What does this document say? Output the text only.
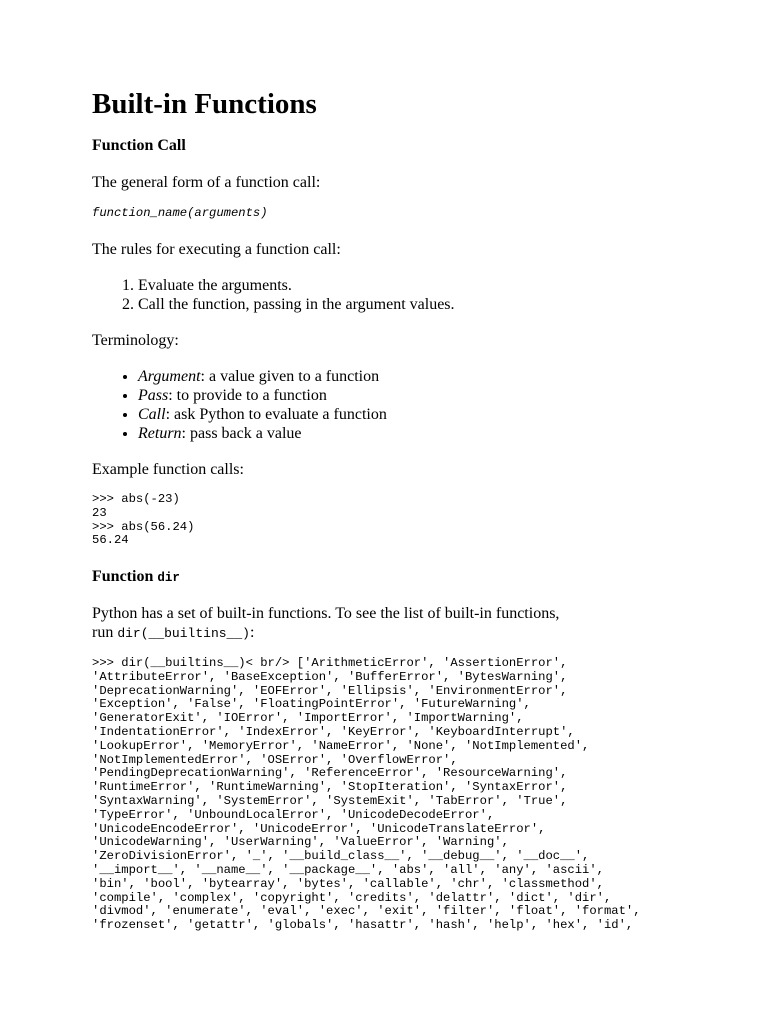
Built-in Functions
Function Call

The general form of a function call:

function_name(arguments)

The rules for executing a function call:

1. Evaluate the arguments.
2. Call the function, passing in the argument values.

Terminology:

• Argument: a value given to a function
• Pass: to provide to a function
• Call: ask Python to evaluate a function
• Return: pass back a value

Example function calls:

>>> abs(-23)
23
>>> abs(56.24)
56.24
Function dir

Python has a set of built-in functions. To see the list of built-in functions,

run dir(__builtins__):

>>> dir(__builtins__)< br/> ['ArithmeticError', 'AssertionError',
'AttributeError', 'BaseException', 'BufferError', 'BytesWarning',
'DeprecationWarning', 'EOFError', 'Ellipsis', 'EnvironmentError',
'Exception', 'False', 'FloatingPointError', 'FutureWarning',
'GeneratorExit', 'IOError', 'ImportError', 'ImportWarning',
'IndentationError', 'IndexError', 'KeyError', 'KeyboardInterrupt',
'LookupError', 'MemoryError', 'NameError', 'None', 'NotImplemented',
'NotImplementedError', 'OSError', 'OverflowError',
'PendingDeprecationWarning', 'ReferenceError', 'ResourceWarning',
'RuntimeError', 'RuntimeWarning', 'StopIteration', 'SyntaxError',
'SyntaxWarning', 'SystemError', 'SystemExit', 'TabError', 'True',
'TypeError', 'UnboundLocalError', 'UnicodeDecodeError',
'UnicodeEncodeError', 'UnicodeError', 'UnicodeTranslateError',
'UnicodeWarning', 'UserWarning', 'ValueError', 'Warning',
'ZeroDivisionError', '_', '__build_class__', '__debug__', '__doc__',
'__import__', '__name__', '__package__', 'abs', 'all', 'any', 'ascii',
'bin', 'bool', 'bytearray', 'bytes', 'callable', 'chr', 'classmethod',
'compile', 'complex', 'copyright', 'credits', 'delattr', 'dict', 'dir',
'divmod', 'enumerate', 'eval', 'exec', 'exit', 'filter', 'float', 'format',
'frozenset', 'getattr', 'globals', 'hasattr', 'hash', 'help', 'hex', 'id',
